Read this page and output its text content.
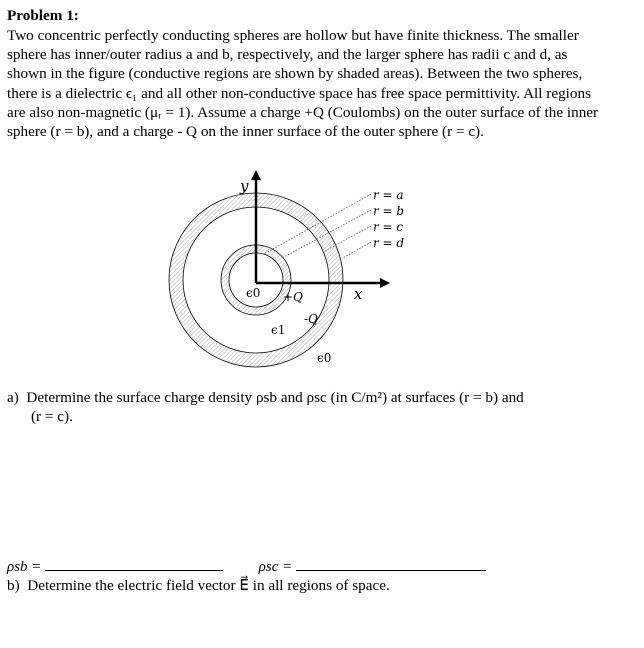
Problem 1:
Two concentric perfectly conducting spheres are hollow but have finite thickness. The smaller sphere has inner/outer radius a and b, respectively, and the larger sphere has radii c and d, as shown in the figure (conductive regions are shown by shaded areas). Between the two spheres, there is a dielectric ϵ₁ and all other non-conductive space has free space permittivity. All regions are also non-magnetic (μᵣ = 1). Assume a charge +Q (Coulombs) on the outer surface of the inner sphere (r = b), and a charge - Q on the inner surface of the outer sphere (r = c).
y
x
r = a
r = b
r = c
r = d
ϵ0 +Q
ϵ1
-Q
ϵ0
a) Determine the surface charge density ρsb and ρsc (in C/m²) at surfaces (r = b) and
(r = c).
ρsb =	ρsc =
b) Determine the electric field vector E⃗ in all regions of space.
